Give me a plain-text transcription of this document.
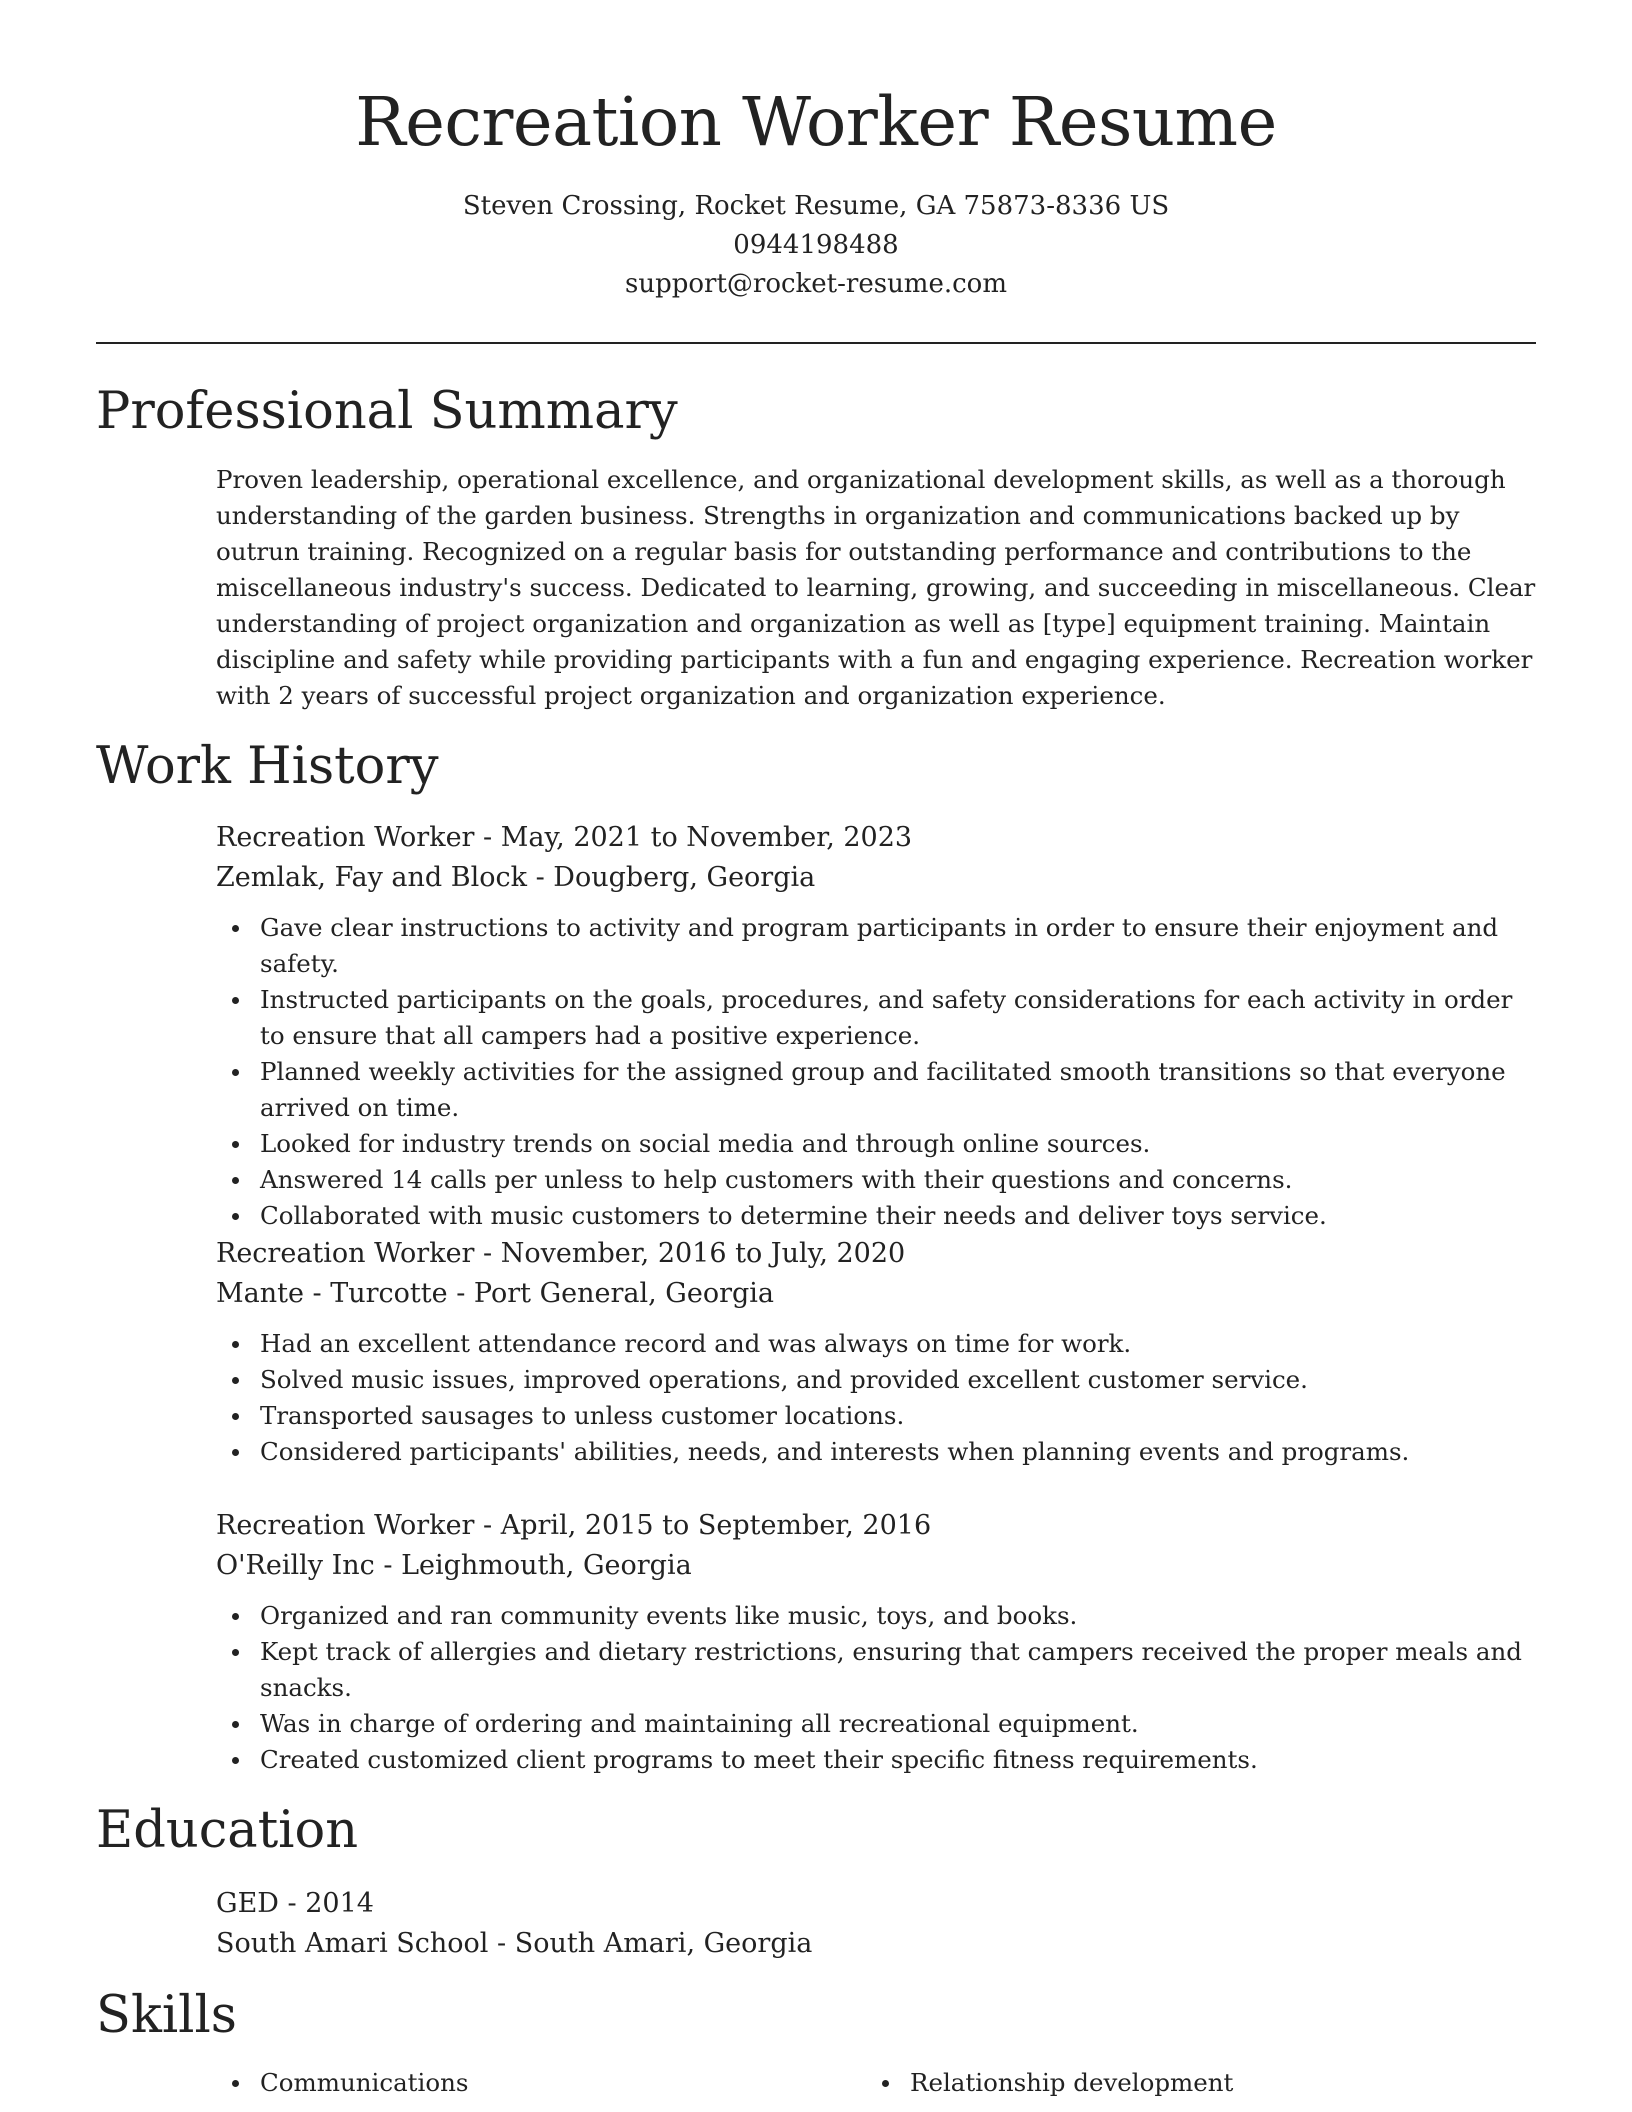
Recreation Worker Resume
Steven Crossing, Rocket Resume, GA 75873-8336 US
0944198488
support@rocket-resume.com
Professional Summary
Proven leadership, operational excellence, and organizational development skills, as well as a thorough understanding of the garden business. Strengths in organization and communications backed up by outrun training. Recognized on a regular basis for outstanding performance and contributions to the miscellaneous industry's success. Dedicated to learning, growing, and succeeding in miscellaneous. Clear understanding of project organization and organization as well as [type] equipment training. Maintain discipline and safety while providing participants with a fun and engaging experience. Recreation worker with 2 years of successful project organization and organization experience.
Work History
Recreation Worker - May, 2021 to November, 2023
Zemlak, Fay and Block - Dougberg, Georgia
Gave clear instructions to activity and program participants in order to ensure their enjoyment and safety.
Instructed participants on the goals, procedures, and safety considerations for each activity in order to ensure that all campers had a positive experience.
Planned weekly activities for the assigned group and facilitated smooth transitions so that everyone arrived on time.
Looked for industry trends on social media and through online sources.
Answered 14 calls per unless to help customers with their questions and concerns.
Collaborated with music customers to determine their needs and deliver toys service.
Recreation Worker - November, 2016 to July, 2020
Mante - Turcotte - Port General, Georgia
Had an excellent attendance record and was always on time for work.
Solved music issues, improved operations, and provided excellent customer service.
Transported sausages to unless customer locations.
Considered participants' abilities, needs, and interests when planning events and programs.
Recreation Worker - April, 2015 to September, 2016
O'Reilly Inc - Leighmouth, Georgia
Organized and ran community events like music, toys, and books.
Kept track of allergies and dietary restrictions, ensuring that campers received the proper meals and snacks.
Was in charge of ordering and maintaining all recreational equipment.
Created customized client programs to meet their specific fitness requirements.
Education
GED - 2014
South Amari School - South Amari, Georgia
Skills
Communications	Relationship development
